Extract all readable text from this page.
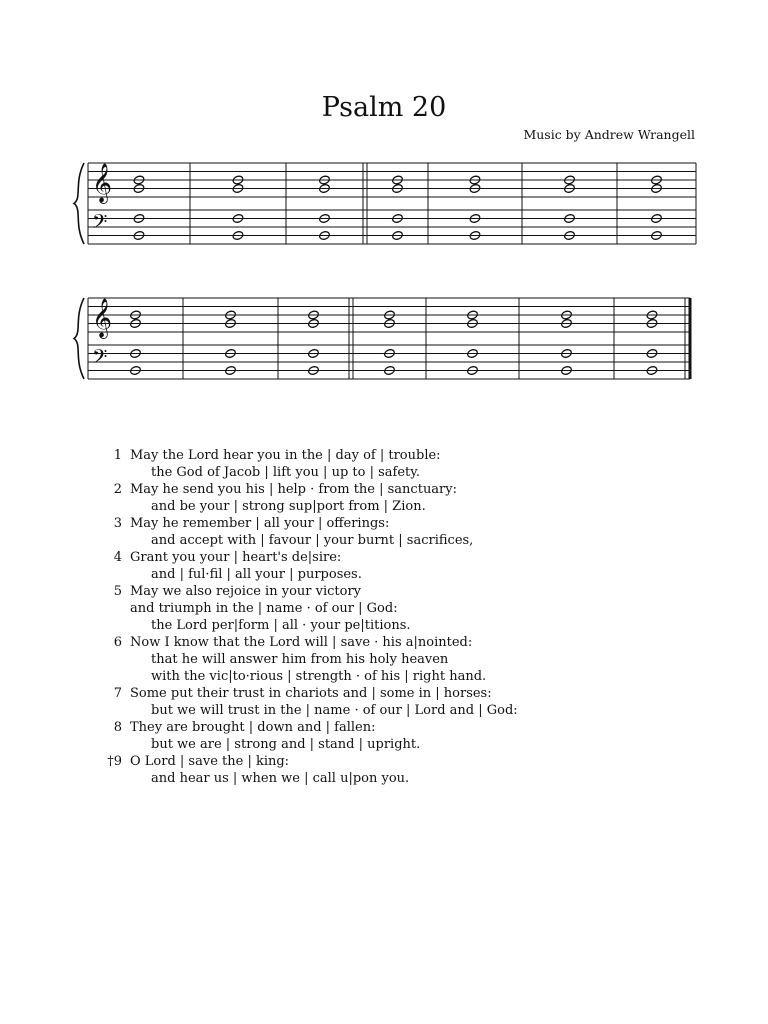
Psalm 20
Music by Andrew Wrangell
𝄞
𝄢
𝄞
𝄢
1 May the Lord hear you in the | day of | trouble:
the God of Jacob | lift you | up to | safety.
2 May he send you his | help · from the | sanctuary:
and be your | strong sup|port from | Zion.
3 May he remember | all your | offerings:
and accept with | favour | your burnt | sacrifices,
4 Grant you your | heart's de|sire:
and | ful·fil | all your | purposes.
5 May we also rejoice in your victory
and triumph in the | name · of our | God:
the Lord per|form | all · your pe|titions.
6 Now I know that the Lord will | save · his a|nointed:
that he will answer him from his holy heaven
with the vic|to·rious | strength · of his | right hand.
7 Some put their trust in chariots and | some in | horses:
but we will trust in the | name · of our | Lord and | God:
8 They are brought | down and | fallen:
but we are | strong and | stand | upright.
†9 O Lord | save the | king:
and hear us | when we | call u|pon you.
